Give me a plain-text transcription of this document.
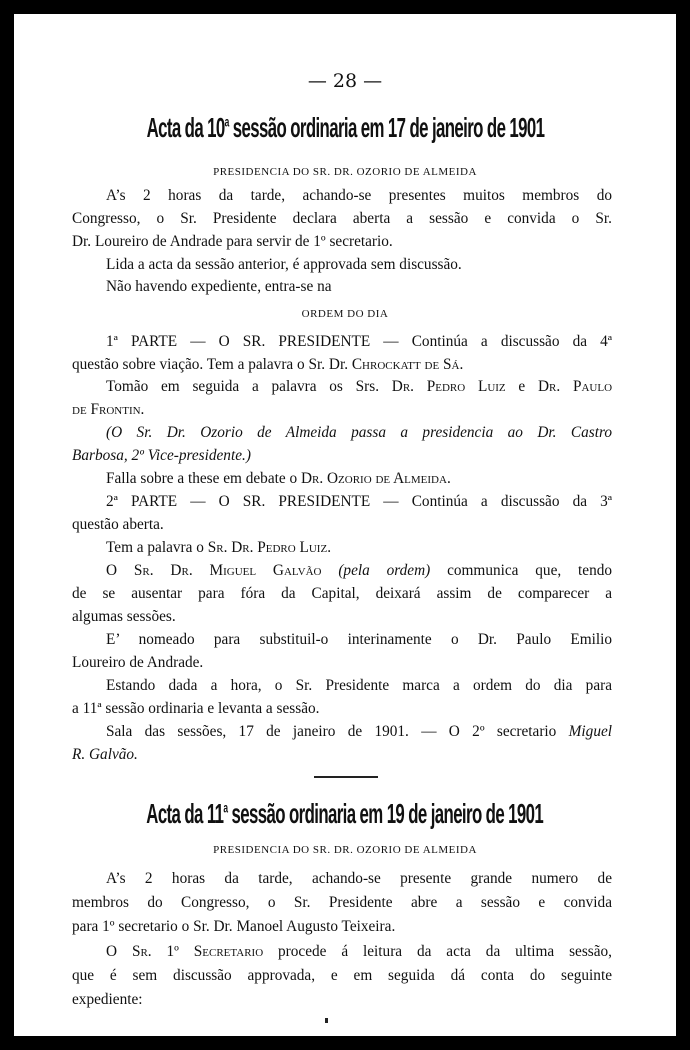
— 28 —
Acta da 10$^a$ sessão ordinaria em 17 de janeiro de 1901
PRESIDENCIA DO SR. DR. OZORIO DE ALMEIDA
A’s 2 horas da tarde, achando-se presentes muitos membros do
Congresso, o Sr. Presidente declara aberta a sessão e convida o Sr.
Dr. Loureiro de Andrade para servir de 1º secretario.
Lida a acta da sessão anterior, é approvada sem discussão.
Não havendo expediente, entra-se na
ORDEM DO DIA
1ª PARTE — O SR. PRESIDENTE — Continúa a discussão da 4ª
questão sobre viação. Tem a palavra o Sr. Dr. Chrockatt de Sá.
Tomão em seguida a palavra os Srs. Dr. Pedro Luiz e Dr. Paulo
de Frontin.
(O Sr. Dr. Ozorio de Almeida passa a presidencia ao Dr. Castro
Barbosa, 2º Vice-presidente.)
Falla sobre a these em debate o Dr. Ozorio de Almeida.
2ª PARTE — O SR. PRESIDENTE — Continúa a discussão da 3ª
questão aberta.
Tem a palavra o Sr. Dr. Pedro Luiz.
O Sr. Dr. Miguel Galvão (pela ordem) communica que, tendo
de se ausentar para fóra da Capital, deixará assim de comparecer a
algumas sessões.
E’ nomeado para substituil-o interinamente o Dr. Paulo Emilio
Loureiro de Andrade.
Estando dada a hora, o Sr. Presidente marca a ordem do dia para
a 11ª sessão ordinaria e levanta a sessão.
Sala das sessões, 17 de janeiro de 1901. — O 2º secretario Miguel
R. Galvão.
Acta da 11$^a$ sessão ordinaria em 19 de janeiro de 1901
PRESIDENCIA DO SR. DR. OZORIO DE ALMEIDA
A’s 2 horas da tarde, achando-se presente grande numero de
membros do Congresso, o Sr. Presidente abre a sessão e convida
para 1º secretario o Sr. Dr. Manoel Augusto Teixeira.
O Sr. 1º Secretario procede á leitura da acta da ultima sessão,
que é sem discussão approvada, e em seguida dá conta do seguinte
expediente:
